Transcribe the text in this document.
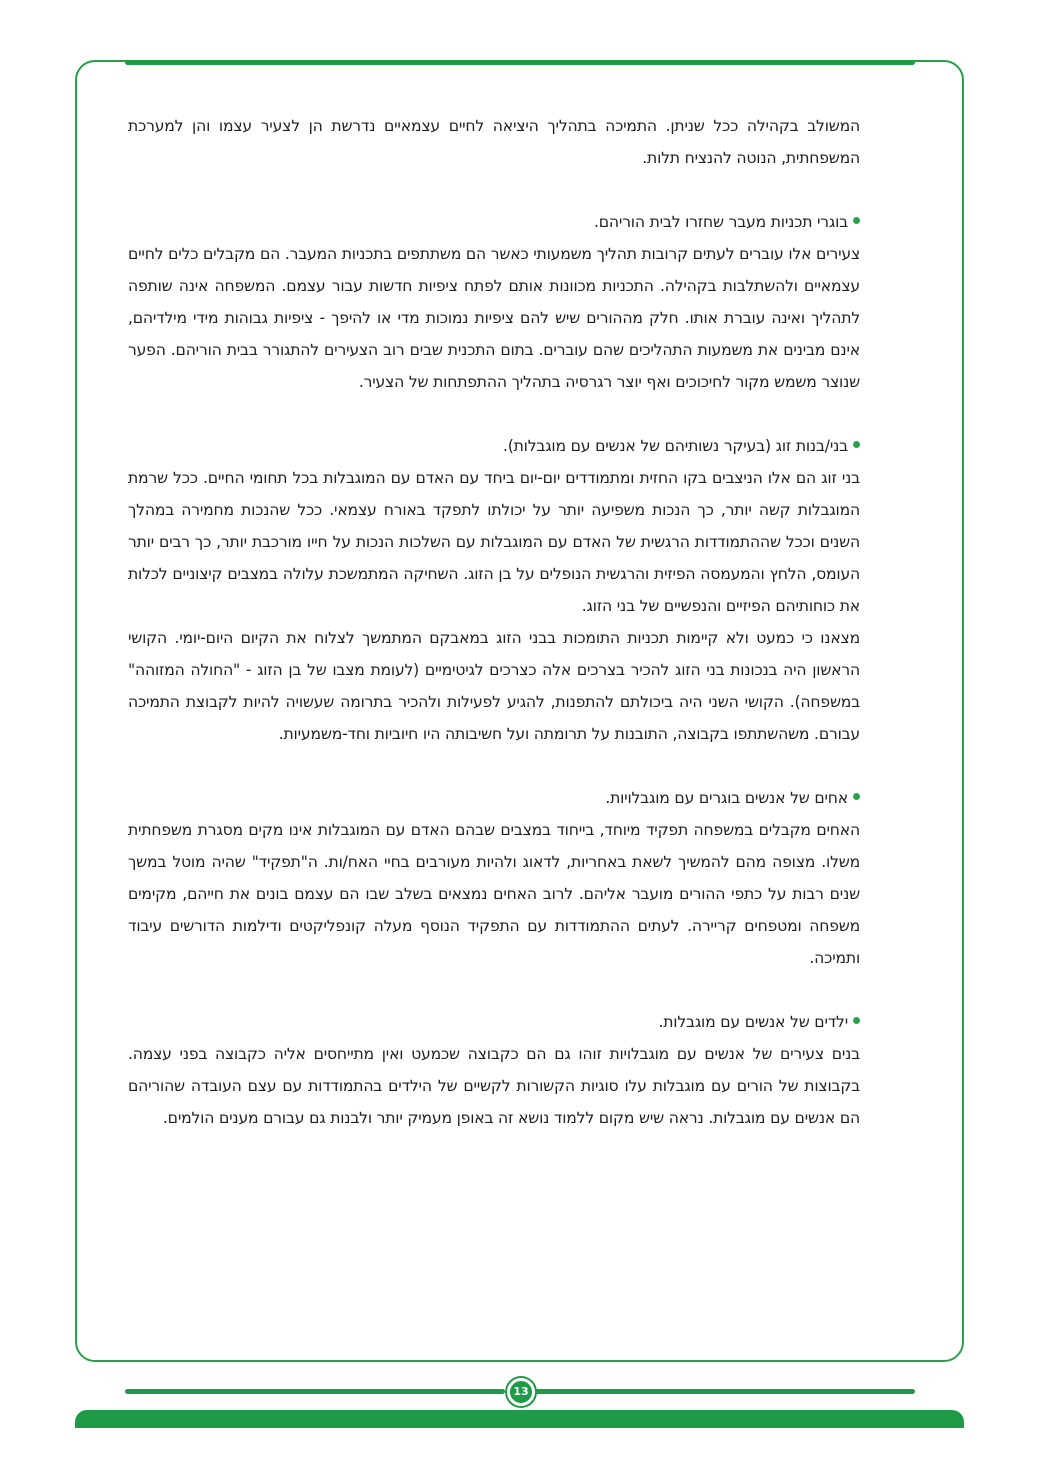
המשולב בקהילה ככל שניתן. התמיכה בתהליך היציאה לחיים עצמאיים נדרשת הן לצעיר עצמו והן למערכת המשפחתית, הנוטה להנציח תלות.

בוגרי תכניות מעבר שחזרו לבית הוריהם.

צעירים אלו עוברים לעתים קרובות תהליך משמעותי כאשר הם משתתפים בתכניות המעבר. הם מקבלים כלים לחיים עצמאיים ולהשתלבות בקהילה. התכניות מכוונות אותם לפתח ציפיות חדשות עבור עצמם. המשפחה אינה שותפה לתהליך ואינה עוברת אותו. חלק מההורים שיש להם ציפיות נמוכות מדי או להיפך - ציפיות גבוהות מידי מילדיהם, אינם מבינים את משמעות התהליכים שהם עוברים. בתום התכנית שבים רוב הצעירים להתגורר בבית הוריהם. הפער שנוצר משמש מקור לחיכוכים ואף יוצר רגרסיה בתהליך ההתפתחות של הצעיר.

בני/בנות זוג (בעיקר נשותיהם של אנשים עם מוגבלות).

בני זוג הם אלו הניצבים בקו החזית ומתמודדים יום-יום ביחד עם האדם עם המוגבלות בכל תחומי החיים. ככל שרמת המוגבלות קשה יותר, כך הנכות משפיעה יותר על יכולתו לתפקד באורח עצמאי. ככל שהנכות מחמירה במהלך השנים וככל שההתמודדות הרגשית של האדם עם המוגבלות עם השלכות הנכות על חייו מורכבת יותר, כך רבים יותר העומס, הלחץ והמעמסה הפיזית והרגשית הנופלים על בן הזוג. השחיקה המתמשכת עלולה במצבים קיצוניים לכלות את כוחותיהם הפיזיים והנפשיים של בני הזוג.

מצאנו כי כמעט ולא קיימות תכניות התומכות בבני הזוג במאבקם המתמשך לצלוח את הקיום היום-יומי. הקושי הראשון היה בנכונות בני הזוג להכיר בצרכים אלה כצרכים לגיטימיים (לעומת מצבו של בן הזוג - "החולה המזוהה" במשפחה). הקושי השני היה ביכולתם להתפנות, להגיע לפעילות ולהכיר בתרומה שעשויה להיות לקבוצת התמיכה עבורם. משהשתתפו בקבוצה, התובנות על תרומתה ועל חשיבותה היו חיוביות וחד-משמעיות.

אחים של אנשים בוגרים עם מוגבלויות.

האחים מקבלים במשפחה תפקיד מיוחד, בייחוד במצבים שבהם האדם עם המוגבלות אינו מקים מסגרת משפחתית משלו. מצופה מהם להמשיך לשאת באחריות, לדאוג ולהיות מעורבים בחיי האח/ות. ה"תפקיד" שהיה מוטל במשך שנים רבות על כתפי ההורים מועבר אליהם. לרוב האחים נמצאים בשלב שבו הם עצמם בונים את חייהם, מקימים משפחה ומטפחים קריירה. לעתים ההתמודדות עם התפקיד הנוסף מעלה קונפליקטים ודילמות הדורשים עיבוד ותמיכה.

ילדים של אנשים עם מוגבלות.

בנים צעירים של אנשים עם מוגבלויות זוהו גם הם כקבוצה שכמעט ואין מתייחסים אליה כקבוצה בפני עצמה. בקבוצות של הורים עם מוגבלות עלו סוגיות הקשורות לקשיים של הילדים בהתמודדות עם עצם העובדה שהוריהם הם אנשים עם מוגבלות. נראה שיש מקום ללמוד נושא זה באופן מעמיק יותר ולבנות גם עבורם מענים הולמים.

13
